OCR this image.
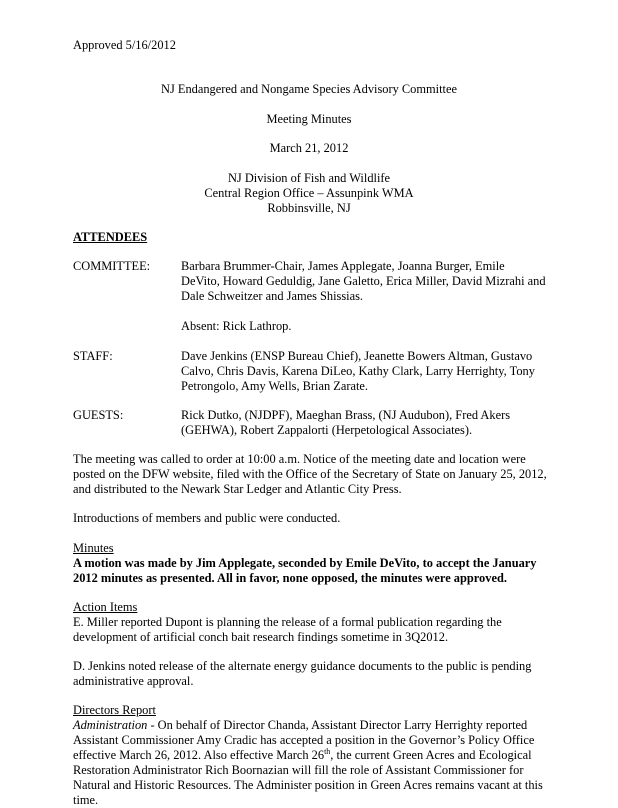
Approved 5/16/2012
NJ Endangered and Nongame Species Advisory Committee
Meeting Minutes
March 21, 2012
NJ Division of Fish and Wildlife
Central Region Office – Assunpink WMA
Robbinsville, NJ
ATTENDEES
COMMITTEE: Barbara Brummer-Chair, James Applegate, Joanna Burger, Emile DeVito, Howard Geduldig, Jane Galetto, Erica Miller, David Mizrahi and Dale Schweitzer and James Shissias.
Absent: Rick Lathrop.
STAFF:	Dave Jenkins (ENSP Bureau Chief), Jeanette Bowers Altman, Gustavo Calvo, Chris Davis, Karena DiLeo, Kathy Clark, Larry Herrighty, Tony Petrongolo, Amy Wells, Brian Zarate.
GUESTS:	Rick Dutko, (NJDPF), Maeghan Brass, (NJ Audubon), Fred Akers (GEHWA), Robert Zappalorti (Herpetological Associates).
The meeting was called to order at 10:00 a.m. Notice of the meeting date and location were posted on the DFW website, filed with the Office of the Secretary of State on January 25, 2012, and distributed to the Newark Star Ledger and Atlantic City Press.
Introductions of members and public were conducted.
Minutes
A motion was made by Jim Applegate, seconded by Emile DeVito, to accept the January 2012 minutes as presented. All in favor, none opposed, the minutes were approved.
Action Items
E. Miller reported Dupont is planning the release of a formal publication regarding the development of artificial conch bait research findings sometime in 3Q2012.
D. Jenkins noted release of the alternate energy guidance documents to the public is pending administrative approval.
Directors Report
Administration - On behalf of Director Chanda, Assistant Director Larry Herrighty reported Assistant Commissioner Amy Cradic has accepted a position in the Governor’s Policy Office effective March 26, 2012. Also effective March 26th, the current Green Acres and Ecological Restoration Administrator Rich Boornazian will fill the role of Assistant Commissioner for Natural and Historic Resources. The Administer position in Green Acres remains vacant at this time.
